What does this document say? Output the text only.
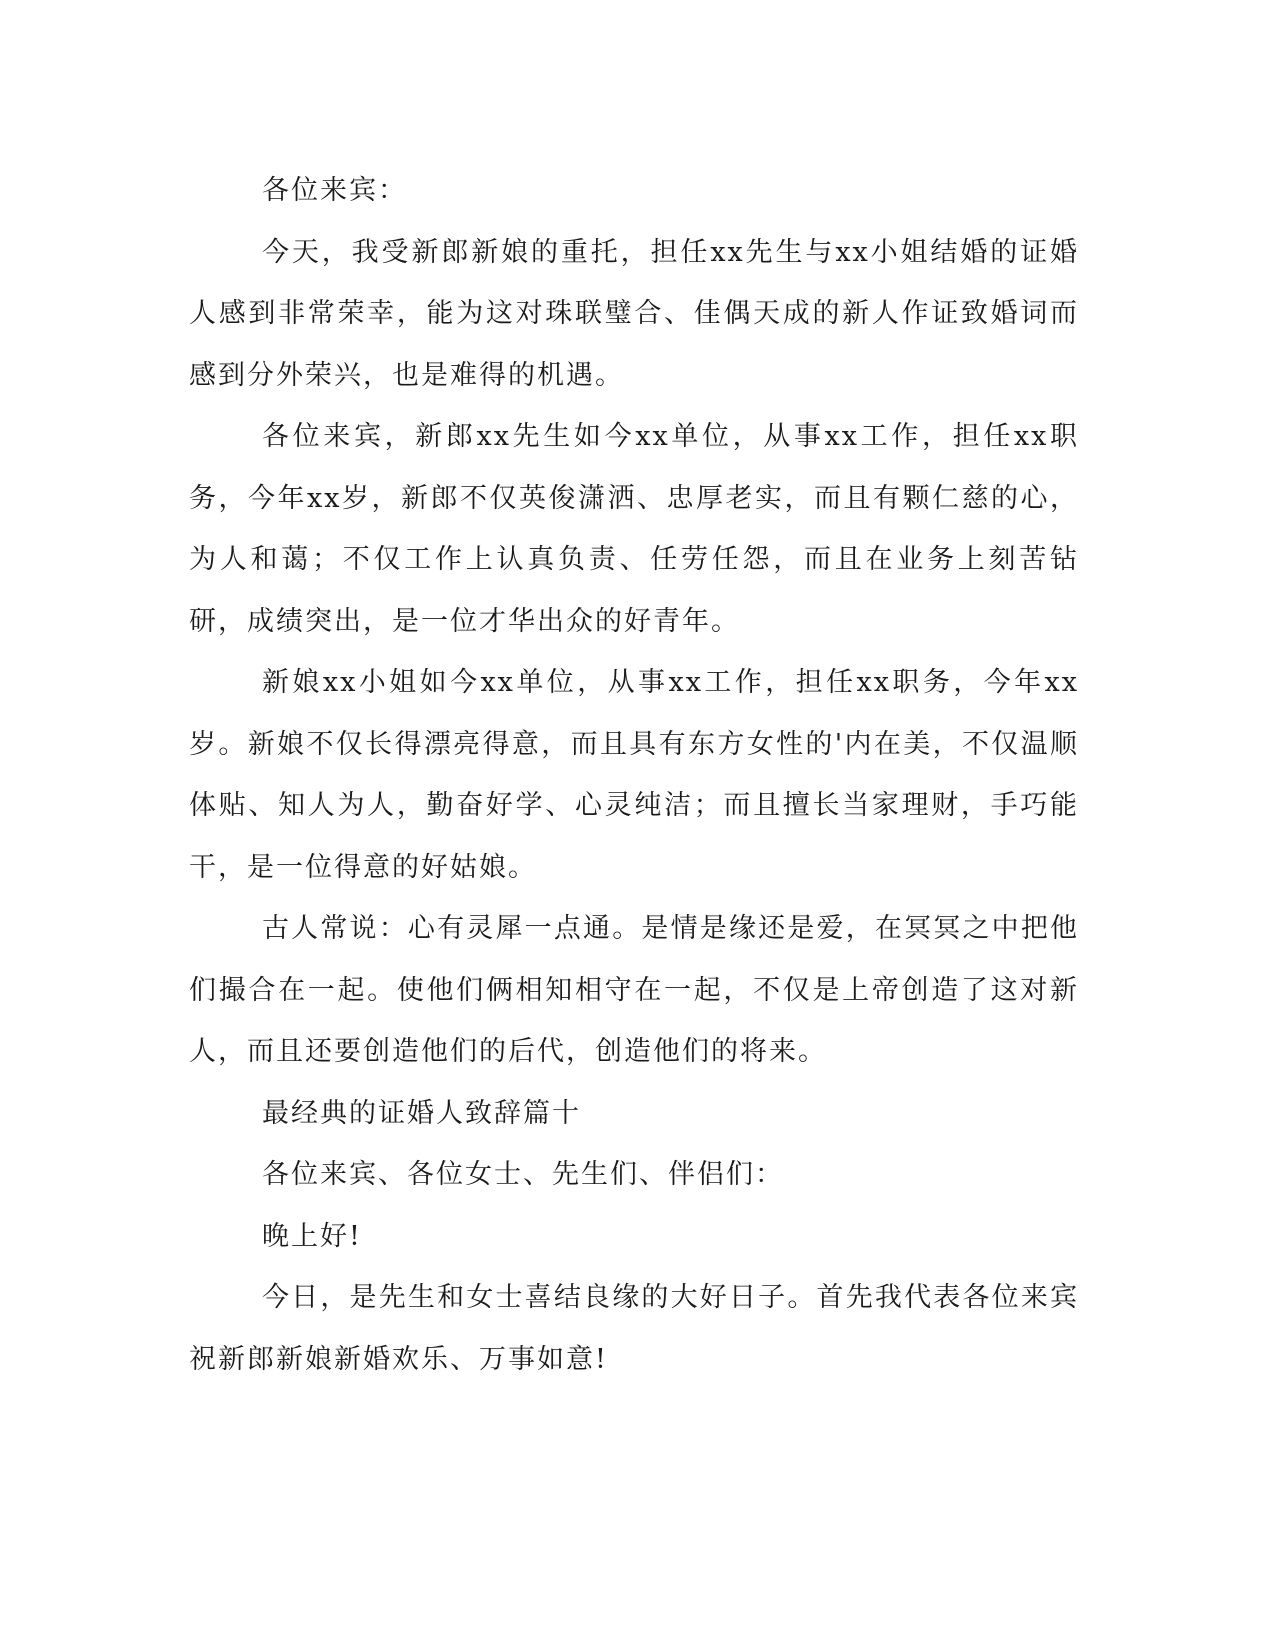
各位来宾：

今天，我受新郎新娘的重托，担任xx先生与xx小姐结婚的证婚人感到非常荣幸，能为这对珠联璧合、佳偶天成的新人作证致婚词而感到分外荣兴，也是难得的机遇。

各位来宾，新郎xx先生如今xx单位，从事xx工作，担任xx职务，今年xx岁，新郎不仅英俊潇洒、忠厚老实，而且有颗仁慈的心，为人和蔼；不仅工作上认真负责、任劳任怨，而且在业务上刻苦钻研，成绩突出，是一位才华出众的好青年。

新娘xx小姐如今xx单位，从事xx工作，担任xx职务，今年xx岁。新娘不仅长得漂亮得意，而且具有东方女性的'内在美，不仅温顺体贴、知人为人，勤奋好学、心灵纯洁；而且擅长当家理财，手巧能干，是一位得意的好姑娘。

古人常说：心有灵犀一点通。是情是缘还是爱，在冥冥之中把他们撮合在一起。使他们俩相知相守在一起，不仅是上帝创造了这对新人，而且还要创造他们的后代，创造他们的将来。

最经典的证婚人致辞篇十

各位来宾、各位女士、先生们、伴侣们：

晚上好!

今日，是先生和女士喜结良缘的大好日子。首先我代表各位来宾祝新郎新娘新婚欢乐、万事如意!
